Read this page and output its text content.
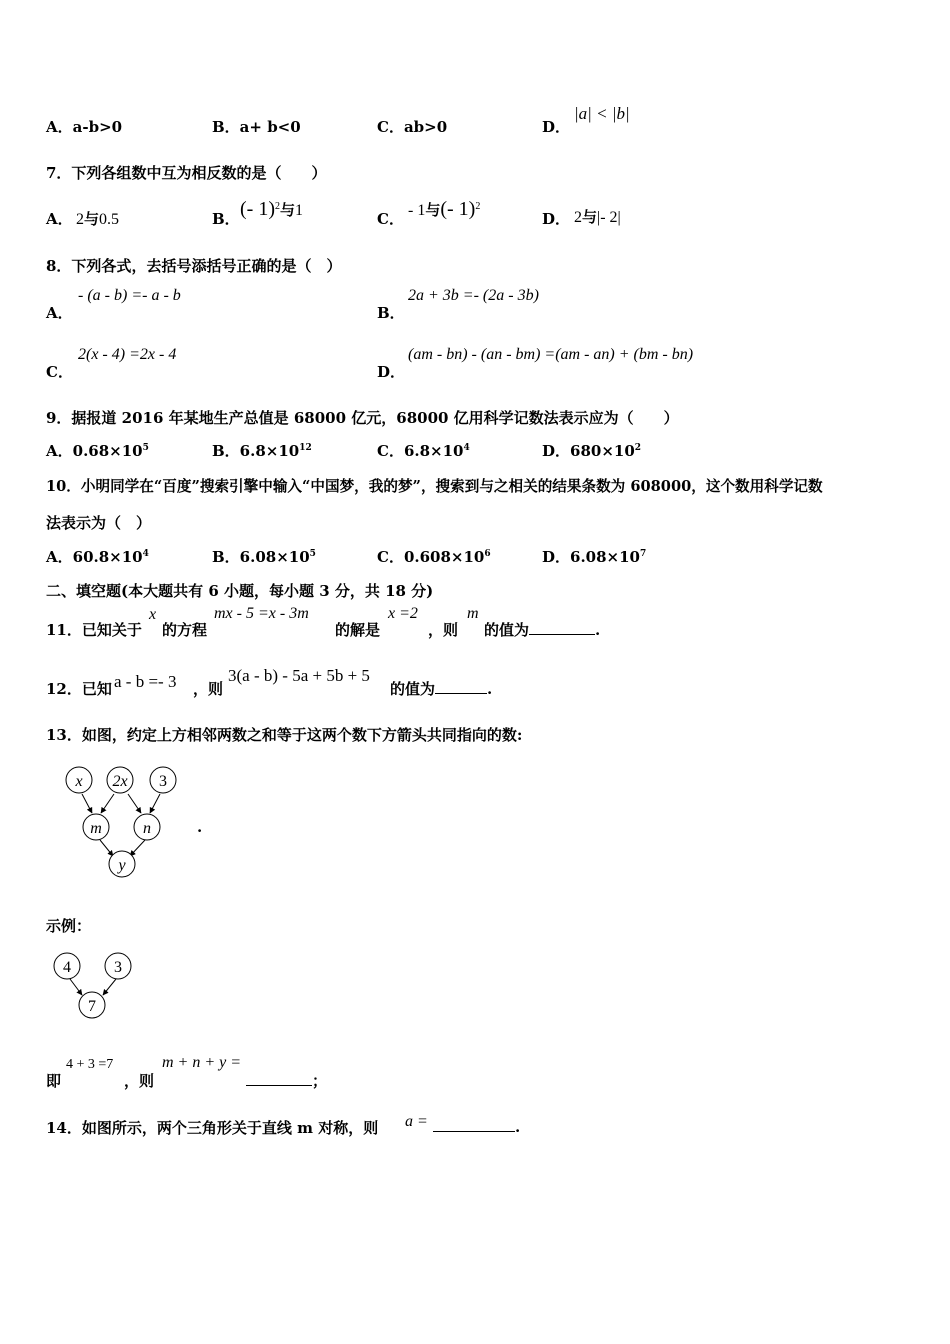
A．a-b>0	B．a+ b<0	C．ab>0	D．
|a| < |b|
7．下列各组数中互为相反数的是（　　）
A． 2与0.5	B． (- 1)$^2$与1	C． - 1与(- 1)$^2$
D． 2与|- 2|
8．下列各式，去括号添括号正确的是（　）
A．
- (a - b) =- a - b
B．
2a + 3b =- (2a - 3b)
C．
2(x - 4) =2x - 4
D．
(am - bn) - (an - bm) =(am - an) + (bm - bn)
9．据报道 2016 年某地生产总值是 68000 亿元，68000 亿用科学记数法表示应为（　　）
A．$0.68\times 10^5$	B．$6.8\times 10^{12}$	C．$6.8\times 10^4$	D．$680\times 10^2$
10．小明同学在“百度”搜索引擎中输入“中国梦，我的梦”，搜索到与之相关的结果条数为 608000，这个数用科学记数
法表示为（　）
A．$60.8\times 10^4$	B．$6.08\times 10^5$	C．$0.608\times 10^6$	D．$6.08\times 10^7$
二、填空题(本大题共有 6 小题，每小题 3 分，共 18 分)
11．已知关于
x
的方程
mx - 5 =x - 3m
的解是
x =2
，则
m
的值为	.
12．已知 a - b =- 3 ，则
3(a - b) - 5a + 5b + 5
的值为	.
13．如图，约定上方相邻两数之和等于这两个数下方箭头共同指向的数:
x 2x 3
m	n
y
4	3
7
.
示例：
即
4 + 3 =7
，则
m + n + y =
；
14．如图所示，两个三角形关于直线 m 对称，则 a =	.
